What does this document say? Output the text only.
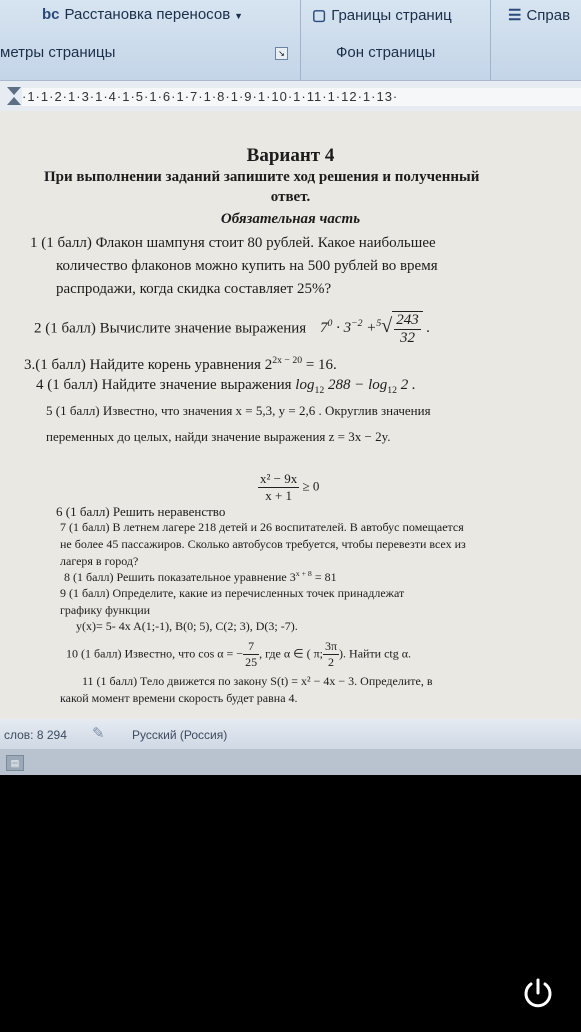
bc Расстановка переносов ▼	▢ Границы страниц	☰ Справ
метры страницы	Фон страницы
↘
·1·1·2·1·3·1·4·1·5·1·6·1·7·1·8·1·9·1·10·1·11·1·12·1·13·
Вариант 4
При выполнении заданий запишите ход решения и полученный
ответ.
Обязательная часть
1 (1 балл) Флакон шампуня стоит 80 рублей. Какое наибольшее
количество флаконов можно купить на 500 рублей во время
распродажи, когда скидка составляет 25%?
2 (1 балл) Вычислите значение выражения $7^0 \cdot 3^{-2} +^5√ \frac{243}{32}$ .
3.(1 балл) Найдите корень уравнения $2^{2x - 20} = 16$.
4 (1 балл) Найдите значение выражения $\log_{12} 288 - \log_{12} 2$ .
5 (1 балл) Известно, что значения x = 5,3, y = 2,6 . Округлив значения
переменных до целых, найди значение выражения z = 3x − 2y.
$\frac{\text{x² − 9x}}{x + 1} \ge 0$
6 (1 балл) Решить неравенство
7 (1 балл) В летнем лагере 218 детей и 26 воспитателей. В автобус помещается
не более 45 пассажиров. Сколько автобусов требуется, чтобы перевезти всех из
лагеря в город?
8 (1 балл) Решить показательное уравнение $3^{x + 8} = 81$
9 (1 балл) Определите, какие из перечисленных точек принадлежат
графику функции
y(x)= 5- 4x A(1;-1), B(0; 5), C(2; 3), D(3; -7).
10 (1 балл) Известно, что cos α = − $\frac{7}{25}$ , где α ∈ ( π; $\frac{3\pi}{2}$ ). Найти ctg α.
11 (1 балл) Тело движется по закону S(t) = x² − 4x − 3. Определите, в
какой момент времени скорость будет равна 4.
слов: 8 294 ✎ Русский (Россия)
▤
